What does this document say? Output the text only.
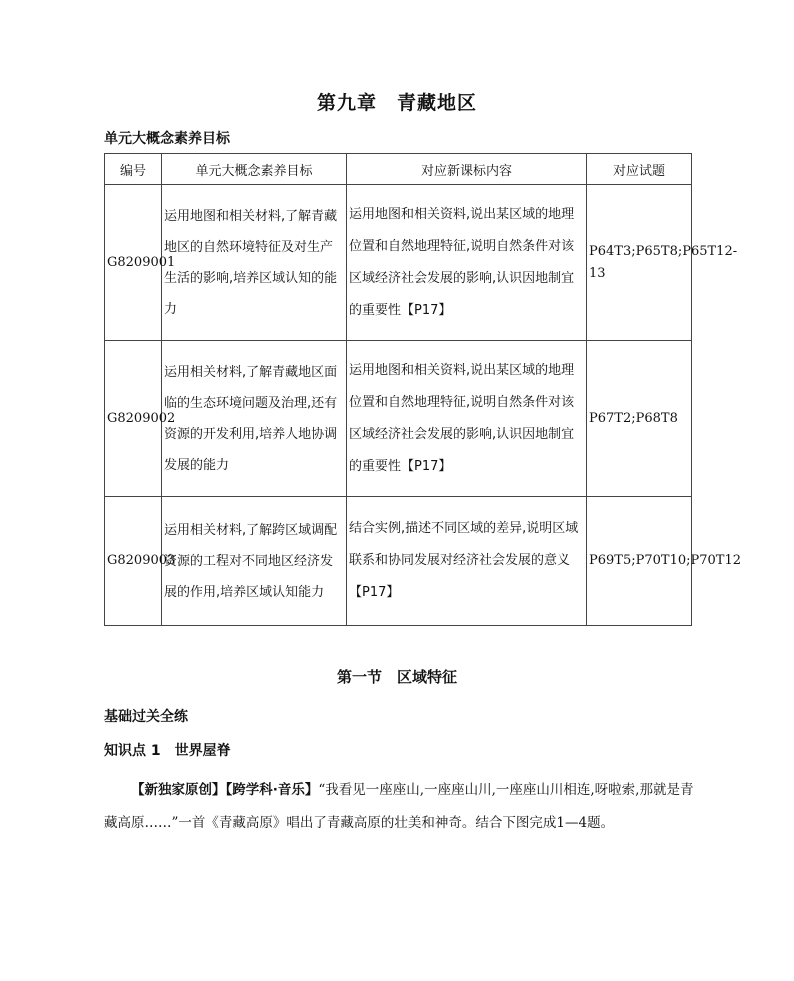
第九章　青藏地区
单元大概念素养目标
编号	单元大概念素养目标	对应新课标内容	对应试题
G8209001	运用地图和相关材料,了解青藏地区的自然环境特征及对生产生活的影响,培养区域认知的能力	运用地图和相关资料,说出某区域的地理位置和自然地理特征,说明自然条件对该区域经济社会发展的影响,认识因地制宜的重要性【P17】	P64T3;P65T8;P65T12-13
G8209002	运用相关材料,了解青藏地区面临的生态环境问题及治理,还有资源的开发利用,培养人地协调发展的能力	运用地图和相关资料,说出某区域的地理位置和自然地理特征,说明自然条件对该区域经济社会发展的影响,认识因地制宜的重要性【P17】	P67T2;P68T8
G8209003	运用相关材料,了解跨区域调配资源的工程对不同地区经济发展的作用,培养区域认知能力	结合实例,描述不同区域的差异,说明区域联系和协同发展对经济社会发展的意义【P17】	P69T5;P70T10;P70T12
第一节　区域特征
基础过关全练
知识点 1　世界屋脊
【新独家原创】【跨学科·音乐】“我看见一座座山,一座座山川,一座座山川相连,呀啦索,那就是青藏高原……”一首《青藏高原》唱出了青藏高原的壮美和神奇。结合下图完成1—4题。
